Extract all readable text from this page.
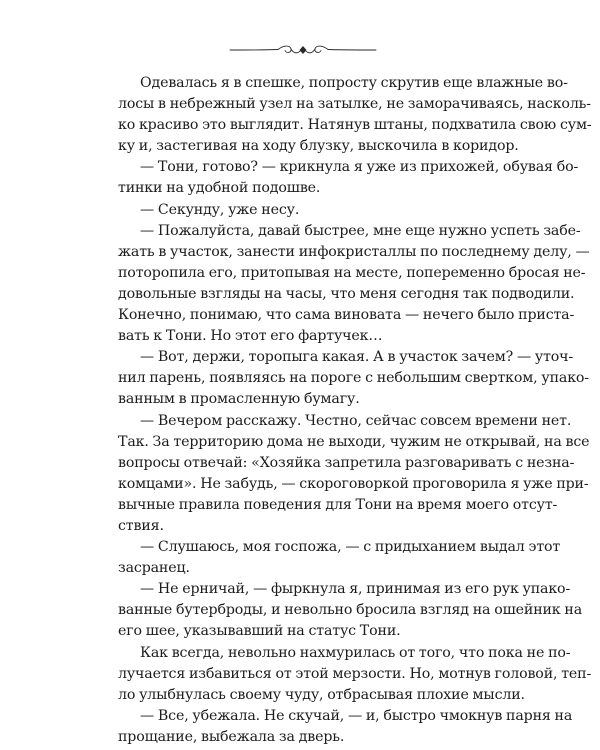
Одевалась я в спешке, попросту скрутив еще влажные во-
лосы в небрежный узел на затылке, не заморачиваясь, насколь-
ко красиво это выглядит. Натянув штаны, подхватила свою сум-
ку и, застегивая на ходу блузку, выскочила в коридор.
— Тони, готово? — крикнула я уже из прихожей, обувая бо-
тинки на удобной подошве.
— Секунду, уже несу.
— Пожалуйста, давай быстрее, мне еще нужно успеть забе-
жать в участок, занести инфокристаллы по последнему делу, —
поторопила его, притопывая на месте, попеременно бросая не-
довольные взгляды на часы, что меня сегодня так подводили.
Конечно, понимаю, что сама виновата — нечего было приста-
вать к Тони. Но этот его фартучек…
— Вот, держи, торопыга какая. А в участок зачем? — уточ-
нил парень, появляясь на пороге с небольшим свертком, упако-
ванным в промасленную бумагу.
— Вечером расскажу. Честно, сейчас совсем времени нет.
Так. За территорию дома не выходи, чужим не открывай, на все
вопросы отвечай: «Хозяйка запретила разговаривать с незна-
комцами». Не забудь, — скороговоркой проговорила я уже при-
вычные правила поведения для Тони на время моего отсут-
ствия.
— Слушаюсь, моя госпожа, — с придыханием выдал этот
засранец.
— Не ерничай, — фыркнула я, принимая из его рук упако-
ванные бутерброды, и невольно бросила взгляд на ошейник на
его шее, указывавший на статус Тони.
Как всегда, невольно нахмурилась от того, что пока не по-
лучается избавиться от этой мерзости. Но, мотнув головой, теп-
ло улыбнулась своему чуду, отбрасывая плохие мысли.
— Все, убежала. Не скучай, — и, быстро чмокнув парня на
прощание, выбежала за дверь.
